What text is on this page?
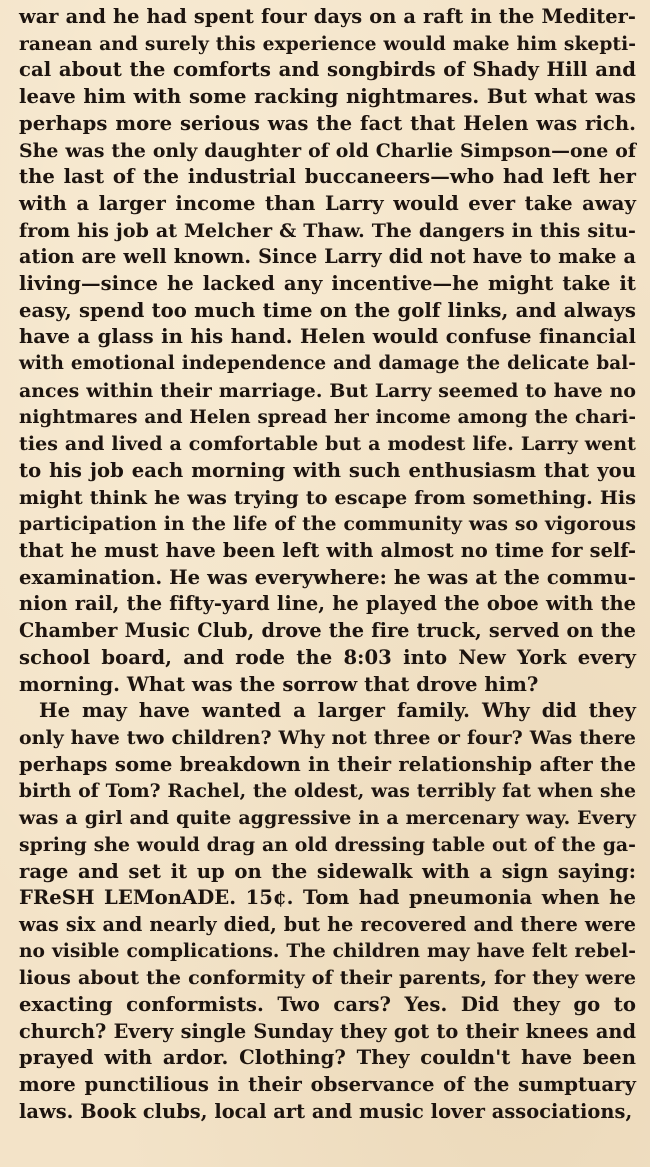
war and he had spent four days on a raft in the Mediter-
ranean and surely this experience would make him skepti-
cal about the comforts and songbirds of Shady Hill and
leave him with some racking nightmares. But what was
perhaps more serious was the fact that Helen was rich.
She was the only daughter of old Charlie Simpson—one of
the last of the industrial buccaneers—who had left her
with a larger income than Larry would ever take away
from his job at Melcher & Thaw. The dangers in this situ-
ation are well known. Since Larry did not have to make a
living—since he lacked any incentive—he might take it
easy, spend too much time on the golf links, and always
have a glass in his hand. Helen would confuse financial
with emotional independence and damage the delicate bal-
ances within their marriage. But Larry seemed to have no
nightmares and Helen spread her income among the chari-
ties and lived a comfortable but a modest life. Larry went
to his job each morning with such enthusiasm that you
might think he was trying to escape from something. His
participation in the life of the community was so vigorous
that he must have been left with almost no time for self-
examination. He was everywhere: he was at the commu-
nion rail, the fifty-yard line, he played the oboe with the
Chamber Music Club, drove the fire truck, served on the
school board, and rode the 8:03 into New York every
morning. What was the sorrow that drove him?
He may have wanted a larger family. Why did they
only have two children? Why not three or four? Was there
perhaps some breakdown in their relationship after the
birth of Tom? Rachel, the oldest, was terribly fat when she
was a girl and quite aggressive in a mercenary way. Every
spring she would drag an old dressing table out of the ga-
rage and set it up on the sidewalk with a sign saying:
FReSH LEMonADE. 15¢. Tom had pneumonia when he
was six and nearly died, but he recovered and there were
no visible complications. The children may have felt rebel-
lious about the conformity of their parents, for they were
exacting conformists. Two cars? Yes. Did they go to
church? Every single Sunday they got to their knees and
prayed with ardor. Clothing? They couldn't have been
more punctilious in their observance of the sumptuary
laws. Book clubs, local art and music lover associations,
